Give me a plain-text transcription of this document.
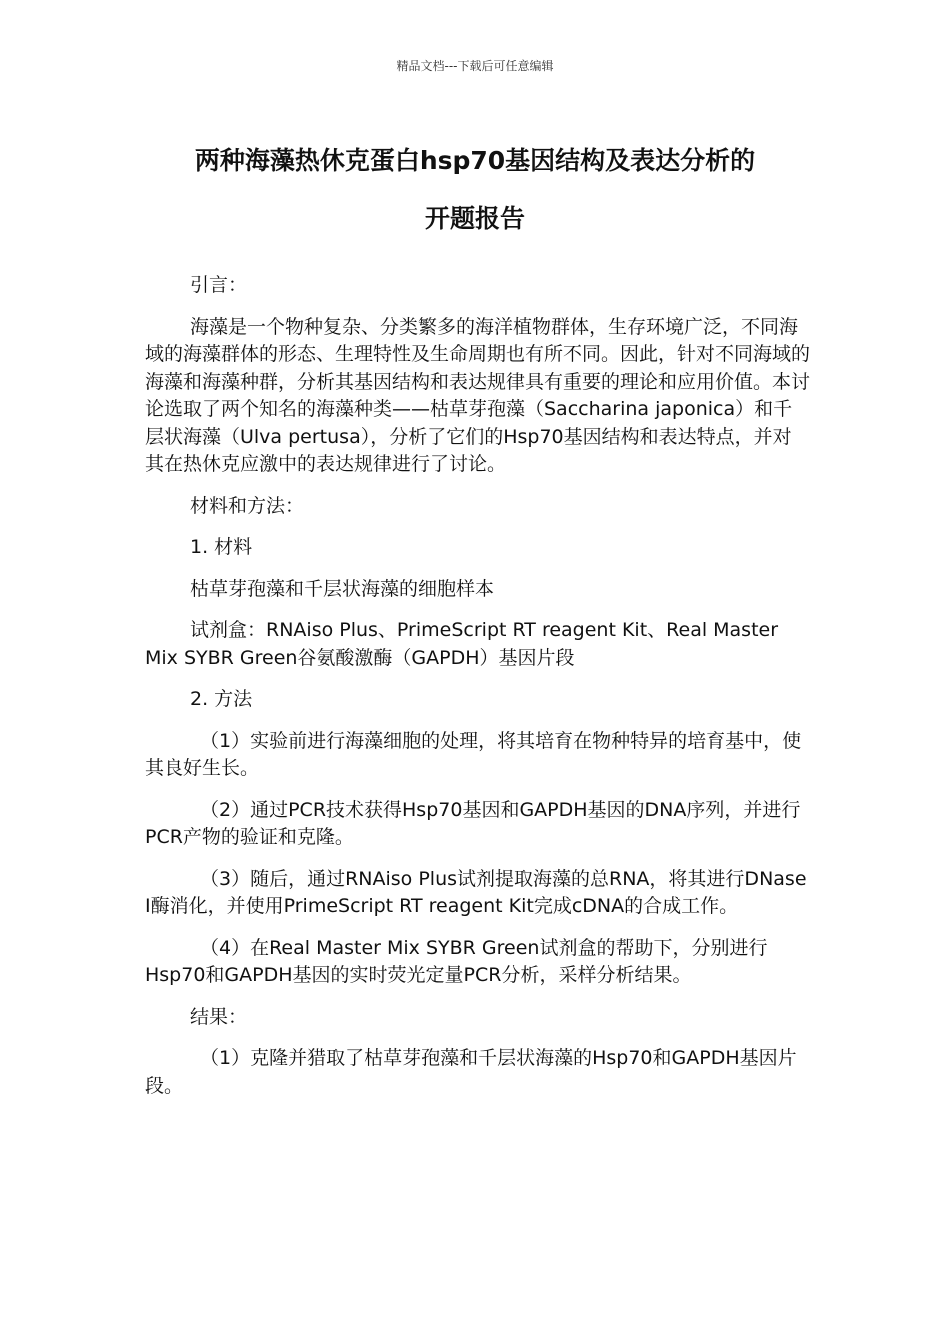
精品文档---下载后可任意编辑
两种海藻热休克蛋白hsp70基因结构及表达分析的
开题报告

引言：

海藻是一个物种复杂、分类繁多的海洋植物群体，生存环境广泛，不同海域的海藻群体的形态、生理特性及生命周期也有所不同。因此，针对不同海域的海藻和海藻种群，分析其基因结构和表达规律具有重要的理论和应用价值。本讨论选取了两个知名的海藻种类——枯草芽孢藻（Saccharina japonica）和千层状海藻（Ulva pertusa），分析了它们的Hsp70基因结构和表达特点，并对其在热休克应激中的表达规律进行了讨论。

材料和方法：

1. 材料

枯草芽孢藻和千层状海藻的细胞样本

试剂盒：RNAiso Plus、PrimeScript RT reagent Kit、Real Master Mix SYBR Green谷氨酸激酶（GAPDH）基因片段

2. 方法

（1）实验前进行海藻细胞的处理，将其培育在物种特异的培育基中，使其良好生长。

（2）通过PCR技术获得Hsp70基因和GAPDH基因的DNA序列，并进行PCR产物的验证和克隆。

（3）随后，通过RNAiso Plus试剂提取海藻的总RNA，将其进行DNase I酶消化，并使用PrimeScript RT reagent Kit完成cDNA的合成工作。

（4）在Real Master Mix SYBR Green试剂盒的帮助下，分别进行Hsp70和GAPDH基因的实时荧光定量PCR分析，采样分析结果。

结果：

（1）克隆并猎取了枯草芽孢藻和千层状海藻的Hsp70和GAPDH基因片段。
